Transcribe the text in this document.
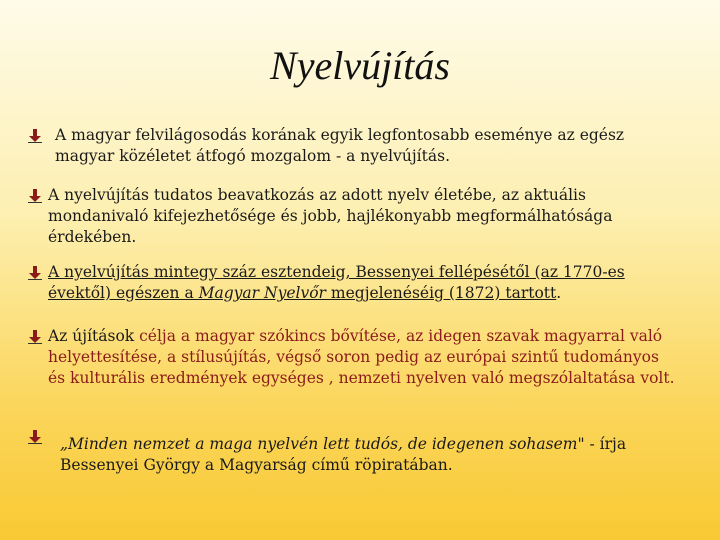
Nyelvújítás
A magyar felvilágosodás korának egyik legfontosabb eseménye az egész
magyar közéletet átfogó mozgalom - a nyelvújítás.
A nyelvújítás tudatos beavatkozás az adott nyelv életébe, az aktuális
mondanivaló kifejezhetősége és jobb, hajlékonyabb megformálhatósága
érdekében.
A nyelvújítás mintegy száz esztendeig, Bessenyei fellépésétől (az 1770-es
évektől) egészen a Magyar Nyelvőr megjelenéséig (1872) tartott.
Az újítások célja a magyar szókincs bővítése, az idegen szavak magyarral való
helyettesítése, a stílusújítás, végső soron pedig az európai szintű tudományos
és kulturális eredmények egységes , nemzeti nyelven való megszólaltatása volt.
„Minden nemzet a maga nyelvén lett tudós, de idegenen sohasem" - írja
Bessenyei György a Magyarság című röpiratában.
